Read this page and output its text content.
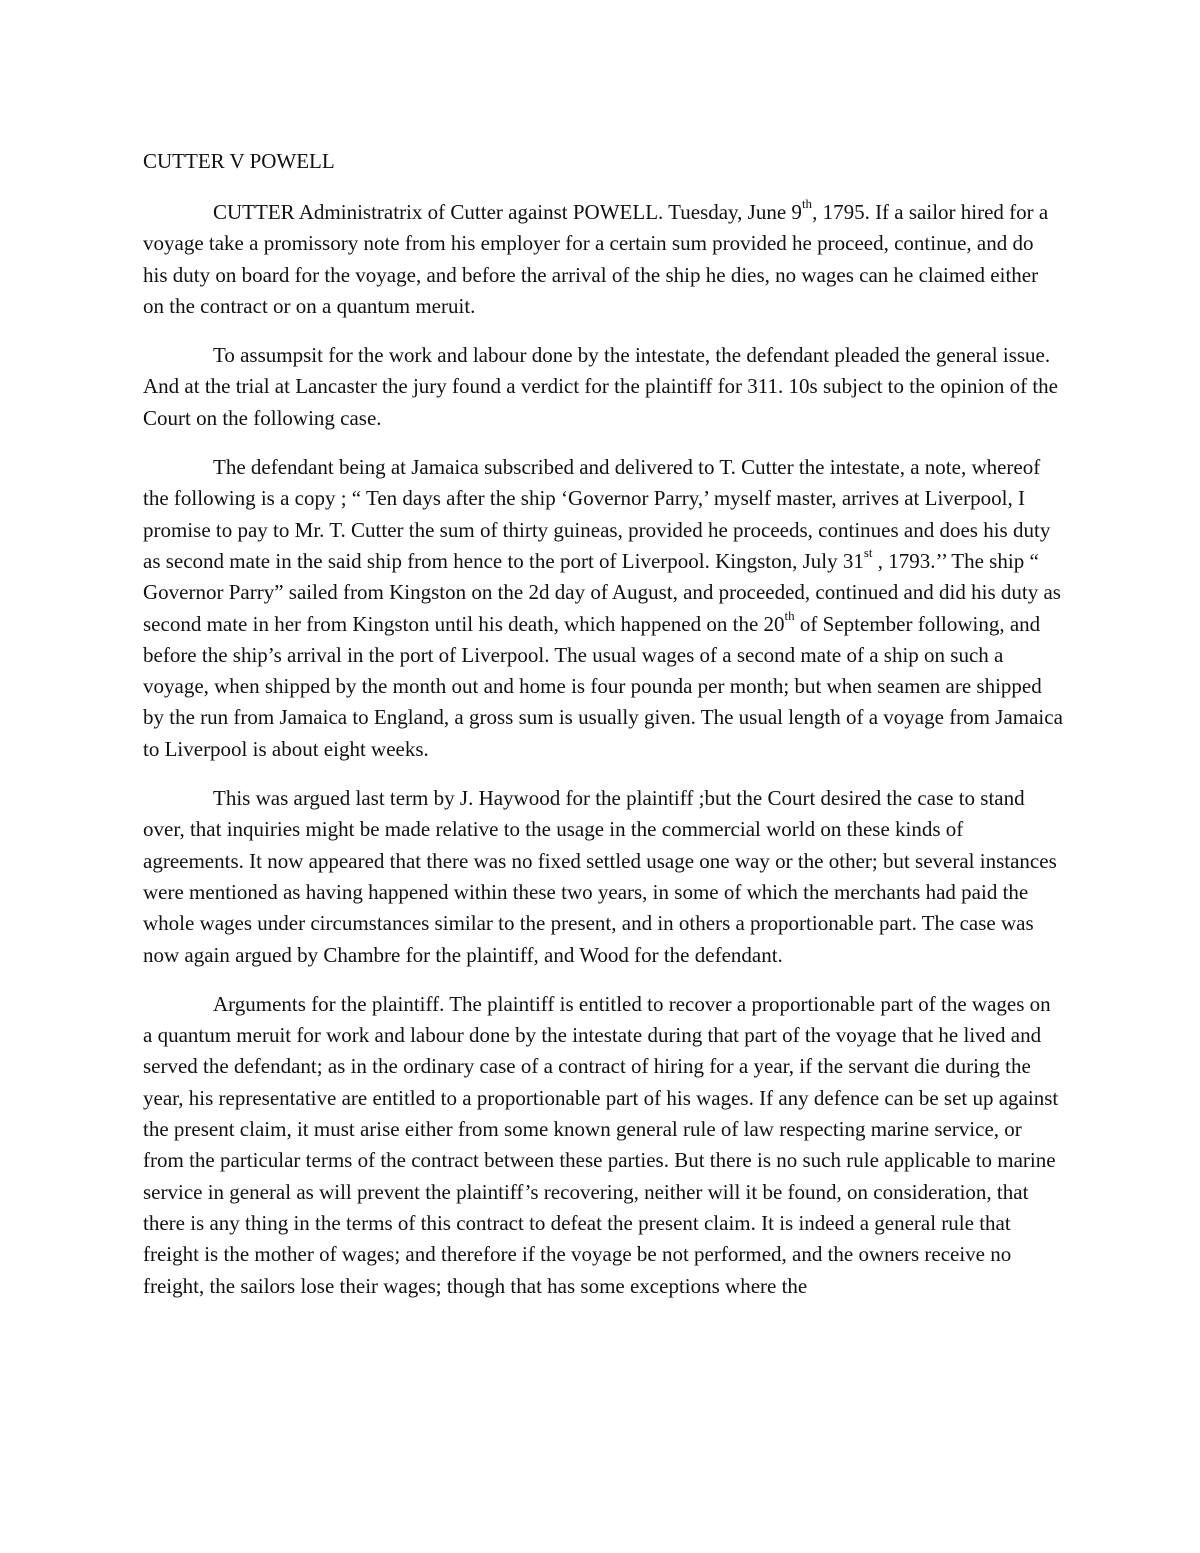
CUTTER V POWELL

CUTTER Administratrix of Cutter against POWELL. Tuesday, June 9th, 1795. If a sailor hired for a voyage take a promissory note from his employer for a certain sum provided he proceed, continue, and do his duty on board for the voyage, and before the arrival of the ship he dies, no wages can he claimed either on the contract or on a quantum meruit.

To assumpsit for the work and labour done by the intestate, the defendant pleaded the general issue. And at the trial at Lancaster the jury found a verdict for the plaintiff for 311. 10s subject to the opinion of the Court on the following case.

The defendant being at Jamaica subscribed and delivered to T. Cutter the intestate, a note, whereof the following is a copy ; “ Ten days after the ship ‘Governor Parry,’ myself master, arrives at Liverpool, I promise to pay to Mr. T. Cutter the sum of thirty guineas, provided he proceeds, continues and does his duty as second mate in the said ship from hence to the port of Liverpool. Kingston, July 31st , 1793.’’ The ship “ Governor Parry” sailed from Kingston on the 2d day of August, and proceeded, continued and did his duty as second mate in her from Kingston until his death, which happened on the 20th of September following, and before the ship’s arrival in the port of Liverpool. The usual wages of a second mate of a ship on such a voyage, when shipped by the month out and home is four pounda per month; but when seamen are shipped by the run from Jamaica to England, a gross sum is usually given. The usual length of a voyage from Jamaica to Liverpool is about eight weeks.

This was argued last term by J. Haywood for the plaintiff ;but the Court desired the case to stand over, that inquiries might be made relative to the usage in the commercial world on these kinds of agreements. It now appeared that there was no fixed settled usage one way or the other; but several instances were mentioned as having happened within these two years, in some of which the merchants had paid the whole wages under circumstances similar to the present, and in others a proportionable part. The case was now again argued by Chambre for the plaintiff, and Wood for the defendant.

Arguments for the plaintiff. The plaintiff is entitled to recover a proportionable part of the wages on a quantum meruit for work and labour done by the intestate during that part of the voyage that he lived and served the defendant; as in the ordinary case of a contract of hiring for a year, if the servant die during the year, his representative are entitled to a proportionable part of his wages. If any defence can be set up against the present claim, it must arise either from some known general rule of law respecting marine service, or from the particular terms of the contract between these parties. But there is no such rule applicable to marine service in general as will prevent the plaintiff’s recovering, neither will it be found, on consideration, that there is any thing in the terms of this contract to defeat the present claim. It is indeed a general rule that freight is the mother of wages; and therefore if the voyage be not performed, and the owners receive no freight, the sailors lose their wages; though that has some exceptions where the
